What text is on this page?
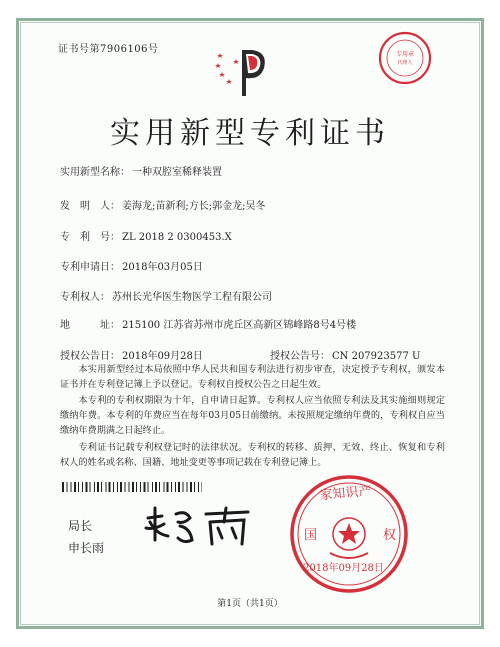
证书号第7906106号	专用章
代理人
实用新型专利证书
实用新型名称： 一种双腔室稀释装置
发　明　人： 姜海龙;苗新利;方长;郭金龙;吴冬
专　利　号： ZL 2018 2 0300453.X
专利申请日： 2018年03月05日
专利权人： 苏州长光华医生物医学工程有限公司
地　　　址： 215100 江苏省苏州市虎丘区高新区锦峰路8号4号楼
授权公告日： 2018年09月28日	授权公告号： CN 207923577 U
本实用新型经过本局依照中华人民共和国专利法进行初步审查，决定授予专利权，颁发本证书并在专利登记簿上予以登记。专利权自授权公告之日起生效。
本专利的专利权期限为十年，自申请日起算。专利权人应当依照专利法及其实施细则规定缴纳年费。本专利的年费应当在每年03月05日前缴纳。未按照规定缴纳年费的，专利权自应当缴纳年费期满之日起终止。
专利证书记载专利权登记时的法律状况。专利权的转移、质押、无效、终止、恢复和专利权人的姓名或名称、国籍、地址变更等事项记载在专利登记簿上。
局长
申长雨
家知识产
国	权
2018年09月28日
第1页（共1页）
